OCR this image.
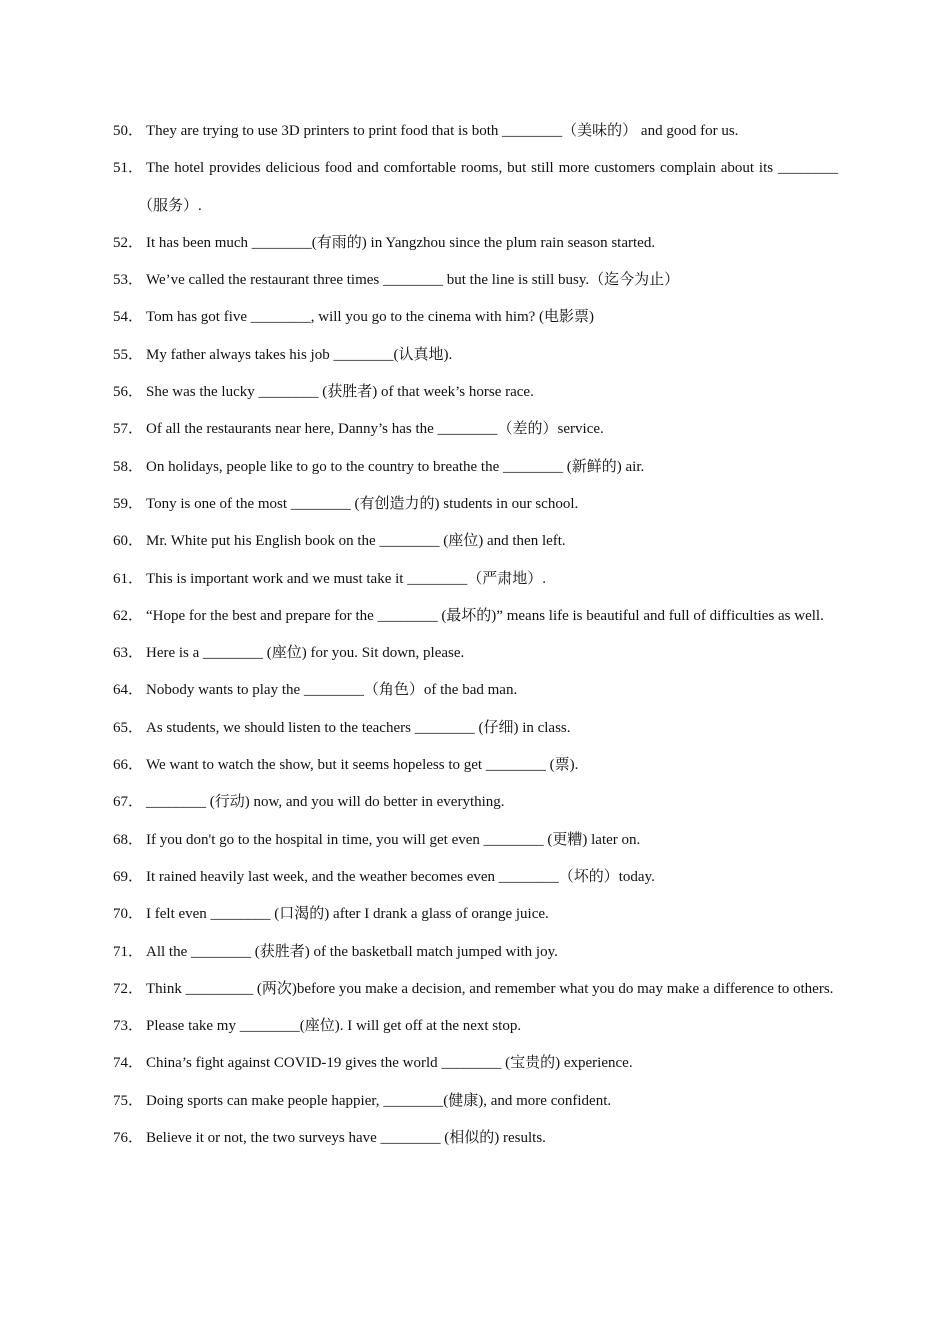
50． They are trying to use 3D printers to print food that is both ________（美味的） and good for us.
51． The hotel provides delicious food and comfortable rooms, but still more customers complain about its ________（服务）.
52． It has been much ________(有雨的) in Yangzhou since the plum rain season started.
53． We’ve called the restaurant three times ________ but the line is still busy.（迄今为止）
54． Tom has got five ________, will you go to the cinema with him? (电影票)
55． My father always takes his job ________(认真地).
56． She was the lucky ________ (获胜者) of that week’s horse race.
57． Of all the restaurants near here, Danny’s has the ________（差的）service.
58． On holidays, people like to go to the country to breathe the ________ (新鲜的) air.
59． Tony is one of the most ________ (有创造力的) students in our school.
60． Mr. White put his English book on the ________ (座位) and then left.
61． This is important work and we must take it ________（严肃地）.
62． “Hope for the best and prepare for the ________ (最坏的)” means life is beautiful and full of difficulties as well.
63． Here is a ________ (座位) for you. Sit down, please.
64． Nobody wants to play the ________（角色）of the bad man.
65． As students, we should listen to the teachers ________ (仔细) in class.
66． We want to watch the show, but it seems hopeless to get ________ (票).
67． ________ (行动) now, and you will do better in everything.
68． If you don't go to the hospital in time, you will get even ________ (更糟) later on.
69． It rained heavily last week, and the weather becomes even ________（坏的）today.
70． I felt even ________ (口渴的) after I drank a glass of orange juice.
71． All the ________ (获胜者) of the basketball match jumped with joy.
72． Think _________ (两次)before you make a decision, and remember what you do may make a difference to others.
73． Please take my ________(座位). I will get off at the next stop.
74． China’s fight against COVID-19 gives the world ________ (宝贵的) experience.
75． Doing sports can make people happier, ________(健康), and more confident.
76． Believe it or not, the two surveys have ________ (相似的) results.
